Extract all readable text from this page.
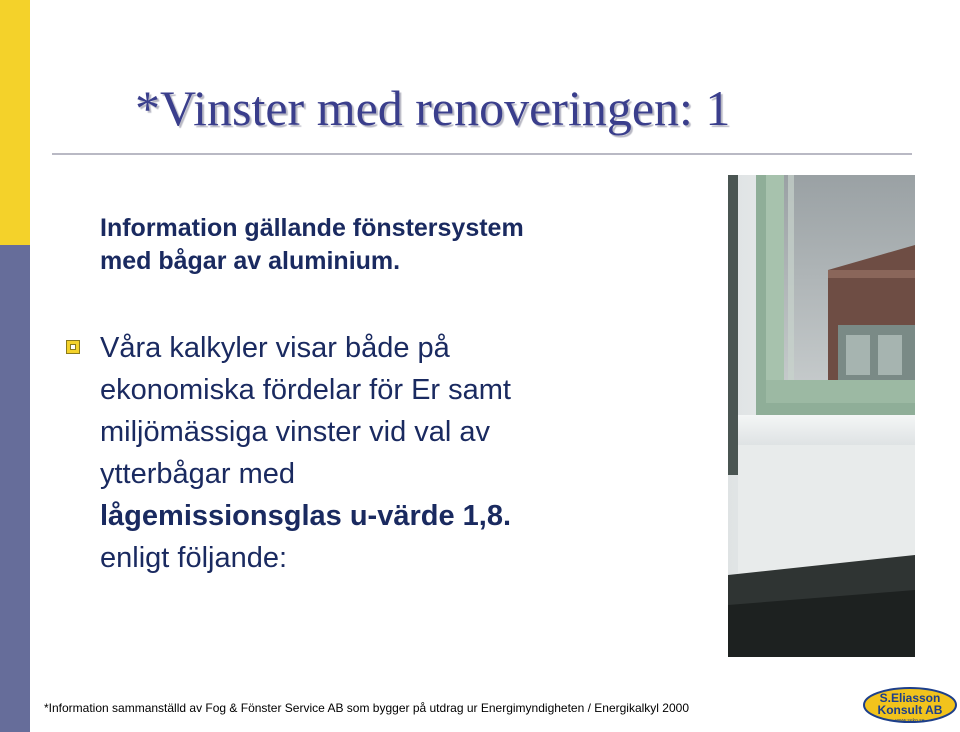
*Vinster med renoveringen: 1
Information gällande fönstersystem
med bågar av aluminium.
Våra kalkyler visar både på
ekonomiska fördelar för Er samt
miljömässiga vinster vid val av
ytterbågar med
lågemissionsglas u-värde 1,8.
enligt följande:
*Information sammanställd av Fog & Fönster Service AB som bygger på utdrag ur Energimyndigheten / Energikalkyl 2000
S.Eliasson
Konsult AB
www.seko.se
